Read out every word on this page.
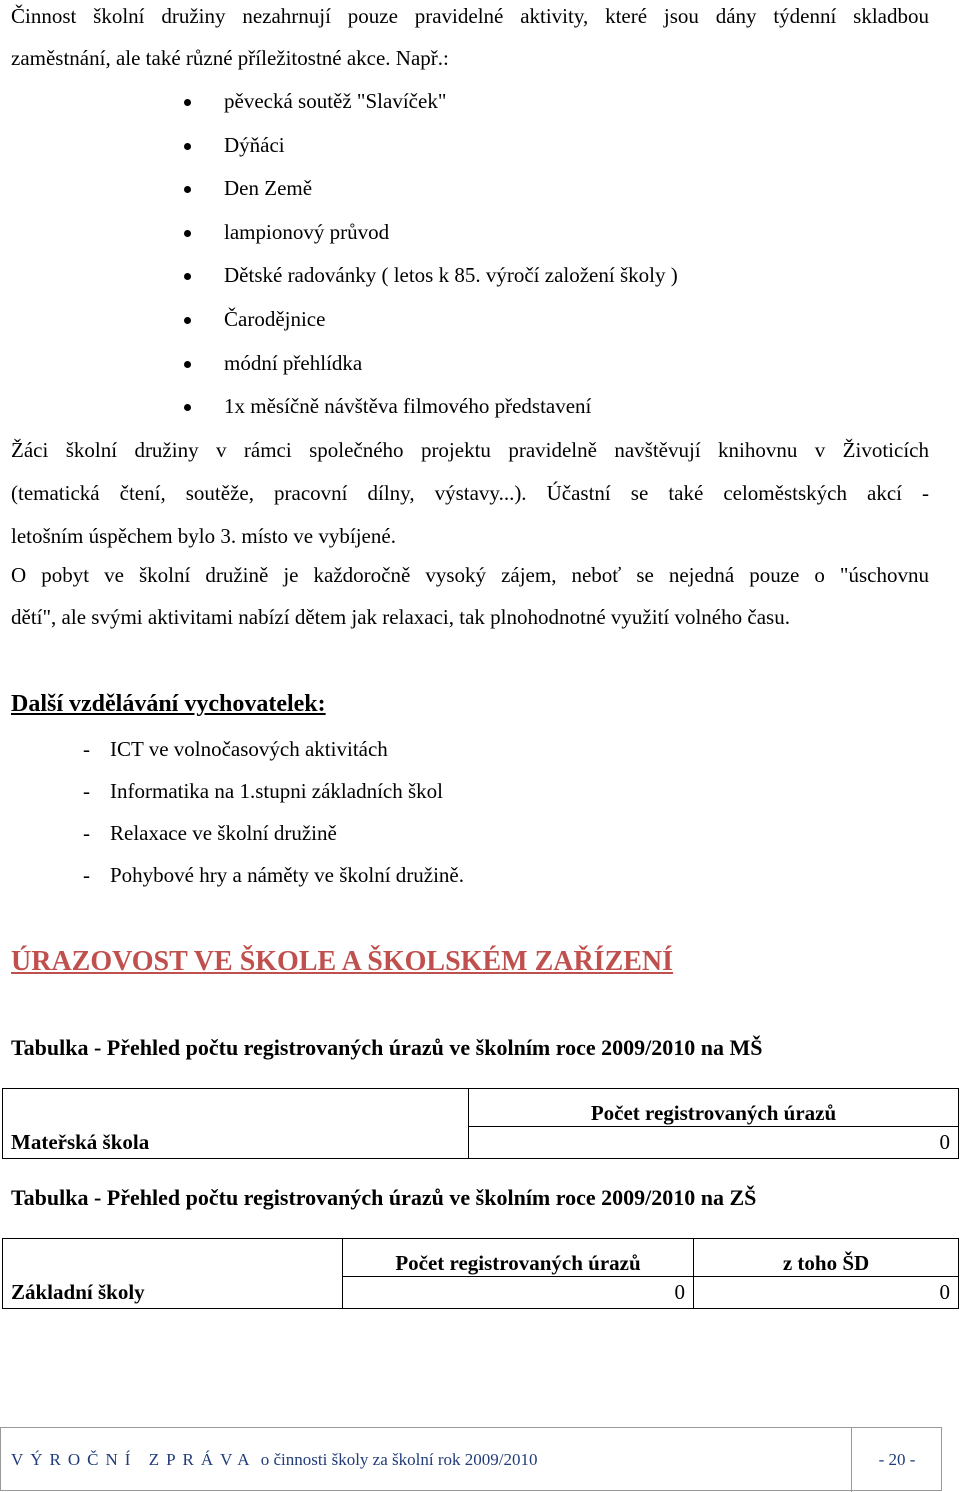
Činnost školní družiny nezahrnují pouze pravidelné aktivity, které jsou dány týdenní skladbou

zaměstnání, ale také různé příležitostné akce. Např.:

pěvecká soutěž "Slavíček"
Dýňáci
Den Země
lampionový průvod
Dětské radovánky ( letos k 85. výročí založení školy )
Čarodějnice
módní přehlídka
1x měsíčně návštěva filmového představení

Žáci školní družiny v rámci společného projektu pravidelně navštěvují knihovnu v Životicích

(tematická čtení, soutěže, pracovní dílny, výstavy...). Účastní se také celoměstských akcí -

letošním úspěchem bylo 3. místo ve vybíjené.

O pobyt ve školní družině je každoročně vysoký zájem, neboť se nejedná pouze o "úschovnu

dětí", ale svými aktivitami nabízí dětem jak relaxaci, tak plnohodnotné využití volného času.

Další vzdělávání vychovatelek:
- ICT ve volnočasových aktivitách
- Informatika na 1.stupni základních škol
- Relaxace ve školní družině
- Pohybové hry a náměty ve školní družině.
ÚRAZOVOST VE ŠKOLE A ŠKOLSKÉM ZAŘÍZENÍ

Tabulka - Přehled počtu registrovaných úrazů ve školním roce 2009/2010 na MŠ

	Počet registrovaných úrazů
Mateřská škola	0

Tabulka - Přehled počtu registrovaných úrazů ve školním roce 2009/2010 na ZŠ

	Počet registrovaných úrazů	z toho ŠD
Základní školy	0	0
VÝROČNÍ ZPRÁVA o činnosti školy za školní rok 2009/2010	- 20 -
